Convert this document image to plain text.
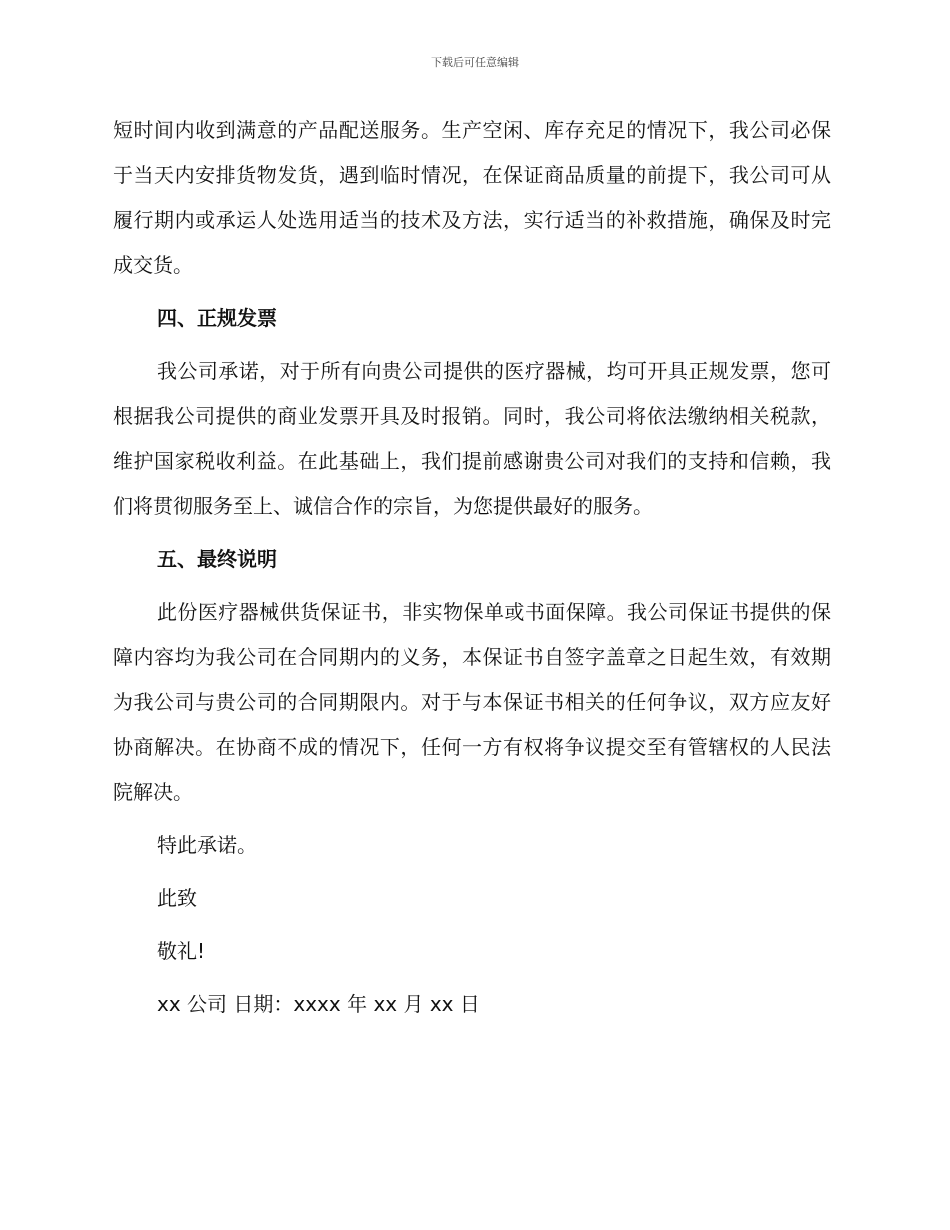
下载后可任意编辑

短时间内收到满意的产品配送服务。生产空闲、库存充足的情况下，我公司必保于当天内安排货物发货，遇到临时情况，在保证商品质量的前提下，我公司可从履行期内或承运人处选用适当的技术及方法，实行适当的补救措施，确保及时完成交货。

四、正规发票

我公司承诺，对于所有向贵公司提供的医疗器械，均可开具正规发票，您可根据我公司提供的商业发票开具及时报销。同时，我公司将依法缴纳相关税款，维护国家税收利益。在此基础上，我们提前感谢贵公司对我们的支持和信赖，我们将贯彻服务至上、诚信合作的宗旨，为您提供最好的服务。

五、最终说明

此份医疗器械供货保证书，非实物保单或书面保障。我公司保证书提供的保障内容均为我公司在合同期内的义务，本保证书自签字盖章之日起生效，有效期为我公司与贵公司的合同期限内。对于与本保证书相关的任何争议，双方应友好协商解决。在协商不成的情况下，任何一方有权将争议提交至有管辖权的人民法院解决。

特此承诺。

此致

敬礼!

xx 公司 日期：xxxx 年 xx 月 xx 日
